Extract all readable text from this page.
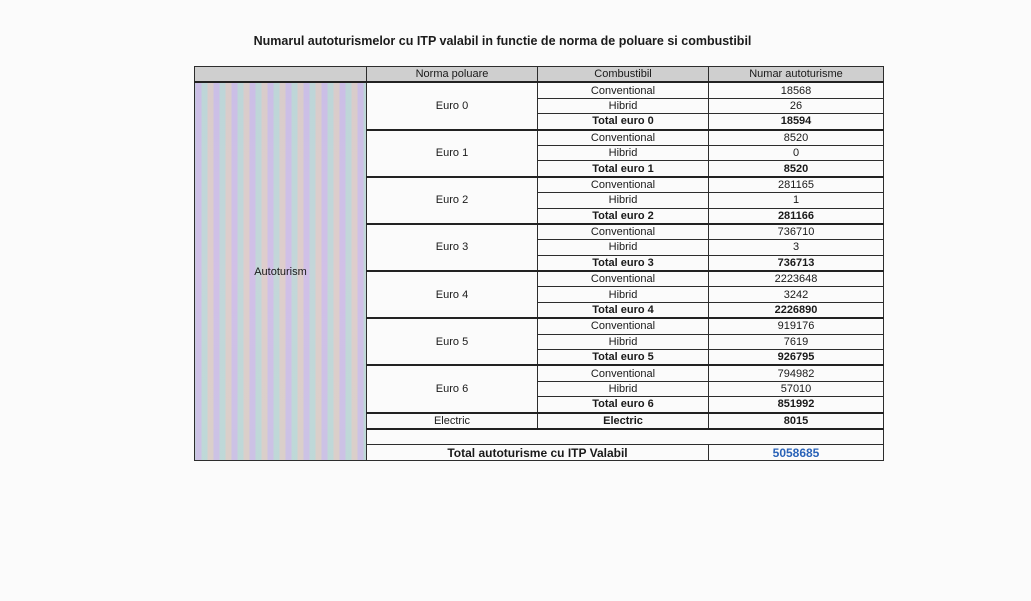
Numarul autoturismelor cu ITP valabil in functie de norma de poluare si combustibil
	Norma poluare	Combustibil	Numar autoturisme
Autoturism	Euro 0	Conventional	18568
		Hibrid	26
		Total euro 0	18594
	Euro 1	Conventional	8520
		Hibrid	0
		Total euro 1	8520
	Euro 2	Conventional	281165
		Hibrid	1
		Total euro 2	281166
	Euro 3	Conventional	736710
		Hibrid	3
		Total euro 3	736713
	Euro 4	Conventional	2223648
		Hibrid	3242
		Total euro 4	2226890
	Euro 5	Conventional	919176
		Hibrid	7619
		Total euro 5	926795
	Euro 6	Conventional	794982
		Hibrid	57010
		Total euro 6	851992
	Electric	Electric	8015

	Total autoturisme cu ITP Valabil		5058685
